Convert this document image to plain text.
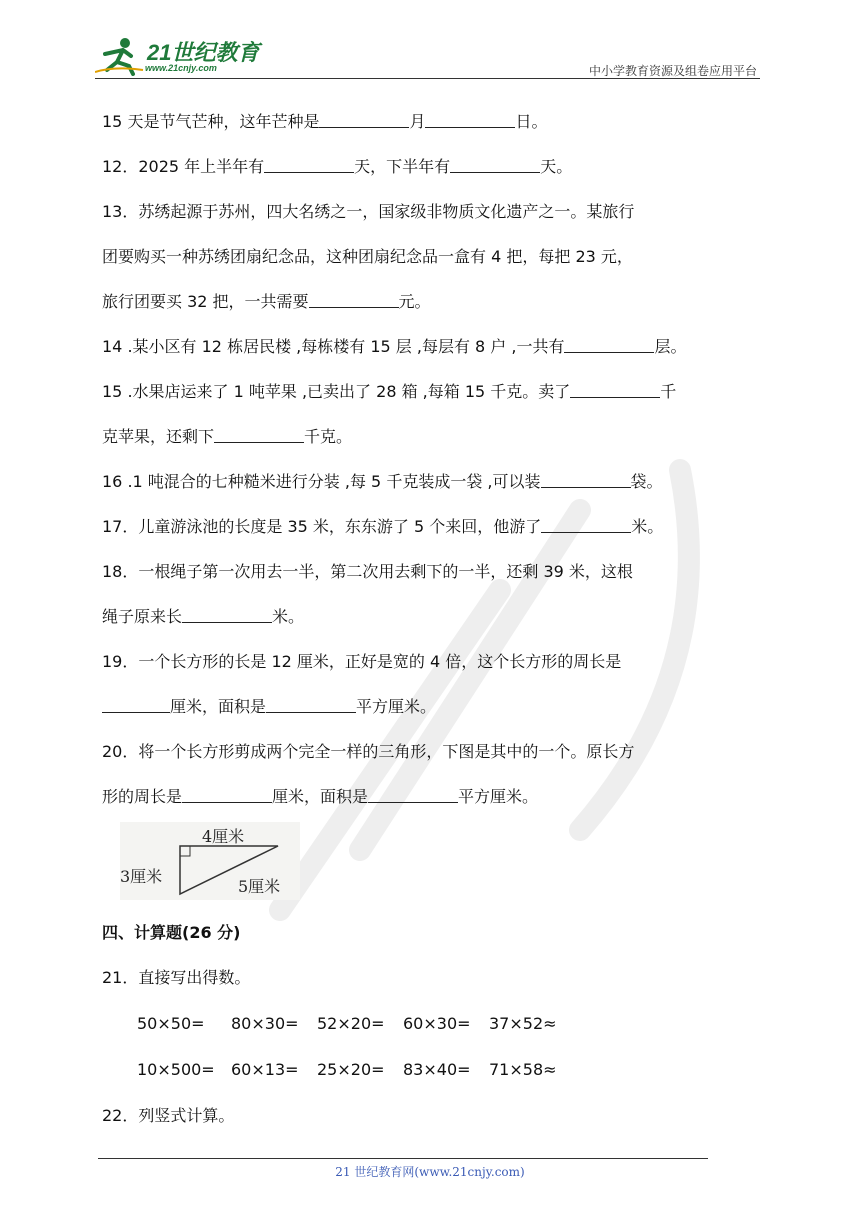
21世纪教育
www.21cnjy.com	中小学教育资源及组卷应用平台
15 天是节气芒种，这年芒种是	月	日。
12．2025 年上半年有	天，下半年有	天。
13．苏绣起源于苏州，四大名绣之一，国家级非物质文化遗产之一。某旅行
团要购买一种苏绣团扇纪念品，这种团扇纪念品一盒有 4 把，每把 23 元，
旅行团要买 32 把，一共需要	元。
14 .某小区有 12 栋居民楼 ,每栋楼有 15 层 ,每层有 8 户 ,一共有	层。
15 .水果店运来了 1 吨苹果 ,已卖出了 28 箱 ,每箱 15 千克。卖了	千
克苹果，还剩下	千克。
16 .1 吨混合的七种糙米进行分装 ,每 5 千克装成一袋 ,可以装	袋。
17．儿童游泳池的长度是 35 米，东东游了 5 个来回，他游了	米。
18．一根绳子第一次用去一半，第二次用去剩下的一半，还剩 39 米，这根
绳子原来长	米。
19．一个长方形的长是 12 厘米，正好是宽的 4 倍，这个长方形的周长是
厘米，面积是	平方厘米。
20．将一个长方形剪成两个完全一样的三角形，下图是其中的一个。原长方
形的周长是	厘米，面积是	平方厘米。
4厘米
3厘米
5厘米
四、计算题(26 分)
21．直接写出得数。
50×50= 80×30= 52×20= 60×30= 37×52≈
10×500= 60×13= 25×20= 83×40= 71×58≈
22．列竖式计算。
21 世纪教育网(www.21cnjy.com)
